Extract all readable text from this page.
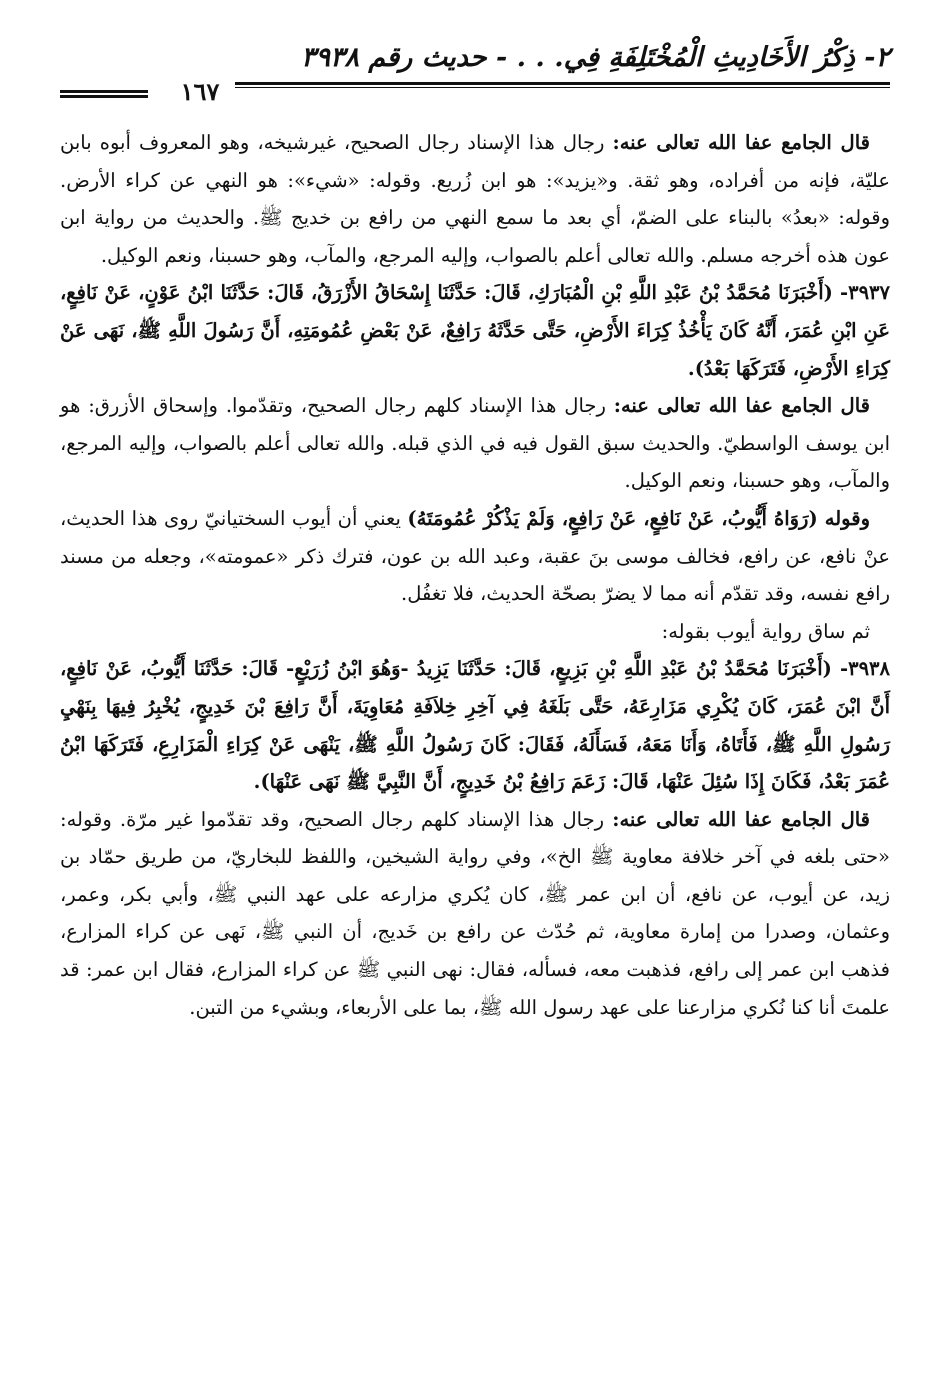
٢- ذِكْرُ الأَخَادِيثِ الْمُخْتَلِفَةِ فِي. . . - حديث رقم ٣٩٣٨
١٦٧

قال الجامع عفا الله تعالى عنه: رجال هذا الإسناد رجال الصحيح، غيرشيخه، وهو المعروف أبوه بابن عليّة، فإنه من أفراده، وهو ثقة. و«يزيد»: هو ابن زُريع. وقوله: «شيء»: هو النهي عن كراء الأرض. وقوله: «بعدُ» بالبناء على الضمّ، أي بعد ما سمع النهي من رافع بن خديج ﷺ. والحديث من رواية ابن عون هذه أخرجه مسلم. والله تعالى أعلم بالصواب، وإليه المرجع، والمآب، وهو حسبنا، ونعم الوكيل.

٣٩٣٧- (أَخْبَرَنَا مُحَمَّدُ بْنُ عَبْدِ اللَّهِ بْنِ الْمُبَارَكِ، قَالَ: حَدَّثَنَا إِسْحَاقُ الأَزْرَقُ، قَالَ: حَدَّثَنَا ابْنُ عَوْنٍ، عَنْ نَافِعٍ، عَنِ ابْنِ عُمَرَ، أَنَّهُ كَانَ يَأْخُذُ كِرَاءَ الأَرْضِ، حَتَّى حَدَّثَهُ رَافِعٌ، عَنْ بَعْضِ عُمُومَتِهِ، أَنَّ رَسُولَ اللَّهِ ﷺ، نَهَى عَنْ كِرَاءِ الأَرْضِ، فَتَرَكَهَا بَعْدُ).

قال الجامع عفا الله تعالى عنه: رجال هذا الإسناد كلهم رجال الصحيح، وتقدّموا. وإسحاق الأزرق: هو ابن يوسف الواسطيّ. والحديث سبق القول فيه في الذي قبله. والله تعالى أعلم بالصواب، وإليه المرجع، والمآب، وهو حسبنا، ونعم الوكيل.

وقوله (رَوَاهُ أَيُّوبُ، عَنْ نَافِعٍ، عَنْ رَافِعٍ، وَلَمْ يَذْكُرْ عُمُومَتَهُ) يعني أن أيوب السختيانيّ روى هذا الحديث، عنْ نافع، عن رافع، فخالف موسى بنَ عقبة، وعبد الله بن عون، فترك ذكر «عمومته»، وجعله من مسند رافع نفسه، وقد تقدّم أنه مما لا يضرّ بصحّة الحديث، فلا تغفُل.

ثم ساق رواية أيوب بقوله:

٣٩٣٨- (أَخْبَرَنَا مُحَمَّدُ بْنُ عَبْدِ اللَّهِ بْنِ بَزِيعٍ، قَالَ: حَدَّثَنَا يَزِيدُ -وَهُوَ ابْنُ زُرَيْعٍ- قَالَ: حَدَّثَنَا أَيُّوبُ، عَنْ نَافِعٍ، أَنَّ ابْنَ عُمَرَ، كَانَ يُكْرِي مَزَارِعَهُ، حَتَّى بَلَغَهُ فِي آخِرِ خِلاَفَةِ مُعَاوِيَةَ، أَنَّ رَافِعَ بْنَ خَدِيجٍ، يُخْبِرُ فِيهَا بِنَهْيِ رَسُولِ اللَّهِ ﷺ، فَأَتَاهُ، وَأَنَا مَعَهُ، فَسَأَلَهُ، فَقَالَ: كَانَ رَسُولُ اللَّهِ ﷺ، يَنْهَى عَنْ كِرَاءِ الْمَزَارِعِ، فَتَرَكَهَا ابْنُ عُمَرَ بَعْدُ، فَكَانَ إِذَا سُئِلَ عَنْهَا، قَالَ: زَعَمَ رَافِعُ بْنُ خَدِيجٍ، أَنَّ النَّبِيَّ ﷺ نَهَى عَنْهَا).

قال الجامع عفا الله تعالى عنه: رجال هذا الإسناد كلهم رجال الصحيح، وقد تقدّموا غير مرّة. وقوله: «حتى بلغه في آخر خلافة معاوية ﷺ الخ»، وفي رواية الشيخين، واللفظ للبخاريّ، من طريق حمّاد بن زيد، عن أيوب، عن نافع، أن ابن عمر ﷺ، كان يُكري مزارعه على عهد النبي ﷺ، وأبي بكر، وعمر، وعثمان، وصدرا من إمارة معاوية، ثم حُدّث عن رافع بن خَديج، أن النبي ﷺ، نَهى عن كراء المزارع، فذهب ابن عمر إلى رافع، فذهبت معه، فسأله، فقال: نهى النبي ﷺ عن كراء المزارع، فقال ابن عمر: قد علمتَ أنا كنا نُكري مزارعنا على عهد رسول الله ﷺ، بما على الأربعاء، وبشيء من التبن.
